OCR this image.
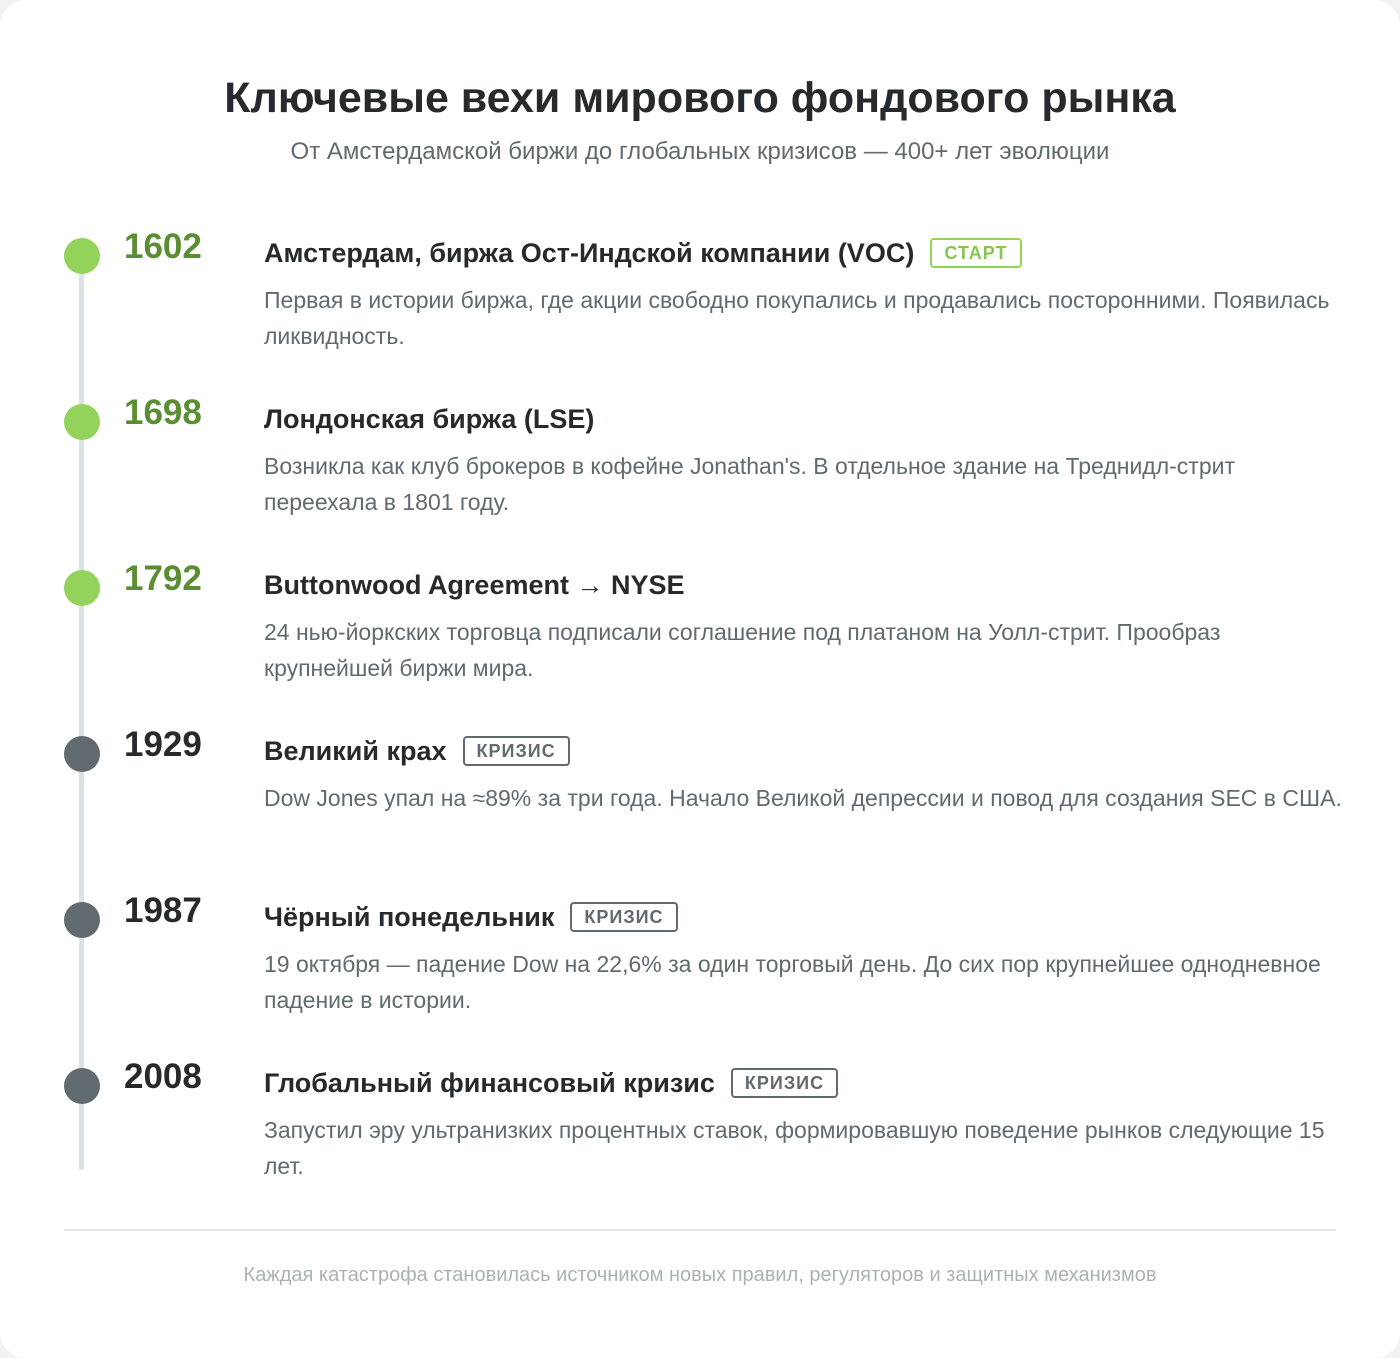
Ключевые вехи мирового фондового рынка

От Амстердамской биржи до глобальных кризисов — 400+ лет эволюции

1602 Амстердам, биржа Ост-Индской компании (VOC)	СТАРТ

Первая в истории биржа, где акции свободно покупались и продавались посторонними. Появилась ликвидность.

1698 Лондонская биржа (LSE)

Возникла как клуб брокеров в кофейне Jonathan's. В отдельное здание на Треднидл-стрит переехала в 1801 году.

1792 Buttonwood Agreement → NYSE

24 нью-йоркских торговца подписали соглашение под платаном на Уолл-стрит. Прообраз крупнейшей биржи мира.

1929 Великий крах	КРИЗИС

Dow Jones упал на ≈89% за три года. Начало Великой депрессии и повод для создания SEC в США.

1987 Чёрный понедельник	КРИЗИС

19 октября — падение Dow на 22,6% за один торговый день. До сих пор крупнейшее однодневное падение в истории.

2008 Глобальный финансовый кризис	КРИЗИС

Запустил эру ультранизких процентных ставок, формировавшую поведение рынков следующие 15 лет.

Каждая катастрофа становилась источником новых правил, регуляторов и защитных механизмов
